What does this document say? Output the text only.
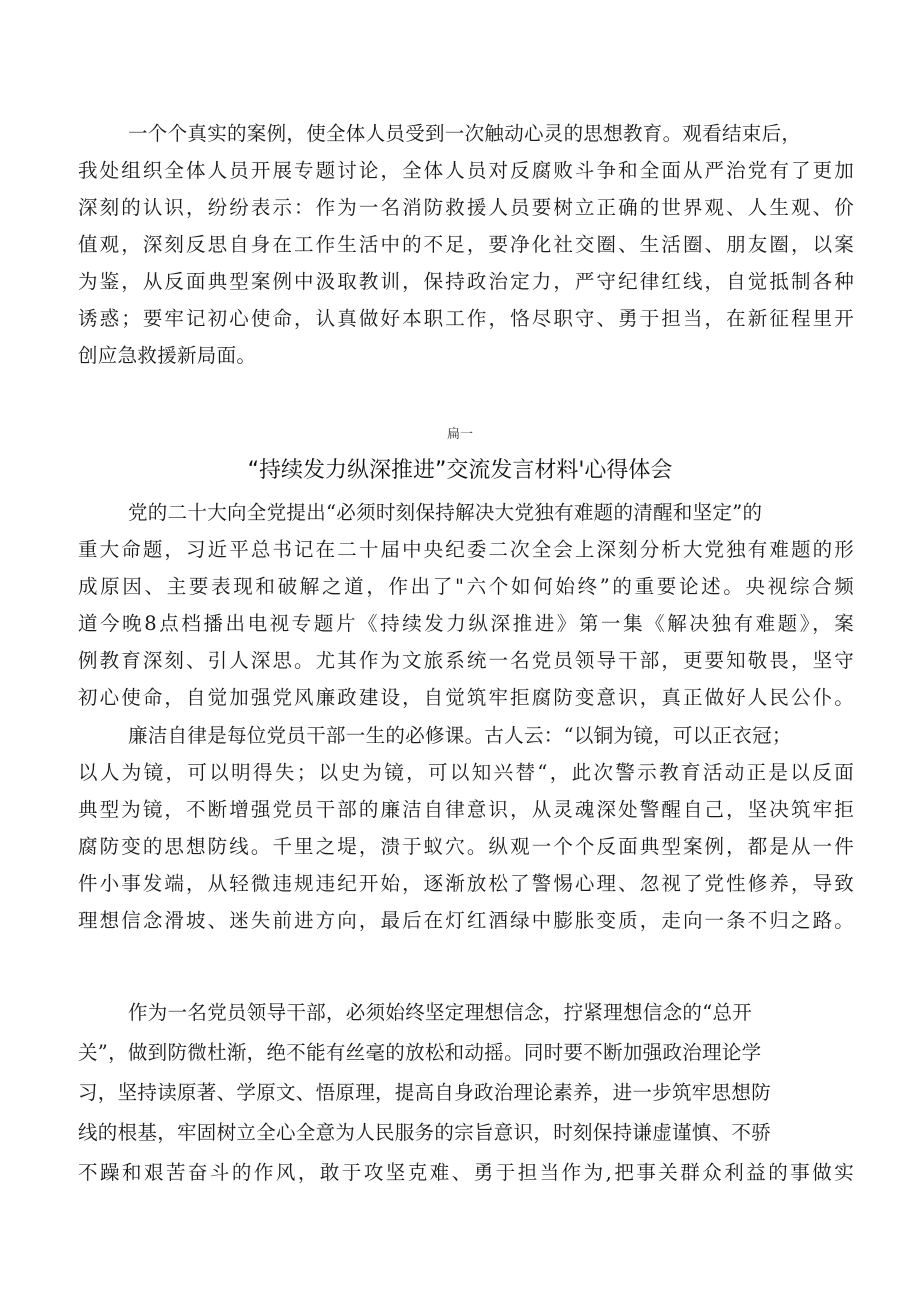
一个个真实的案例，使全体人员受到一次触动心灵的思想教育。观看结束后，
我处组织全体人员开展专题讨论，全体人员对反腐败斗争和全面从严治党有了更加
深刻的认识，纷纷表示：作为一名消防救援人员要树立正确的世界观、人生观、价
值观，深刻反思自身在工作生活中的不足，要净化社交圈、生活圈、朋友圈，以案
为鉴，从反面典型案例中汲取教训，保持政治定力，严守纪律红线，自觉抵制各种
诱惑；要牢记初心使命，认真做好本职工作，恪尽职守、勇于担当，在新征程里开
创应急救援新局面。
扁一
“持续发力纵深推进”交流发言材料'心得体会
党的二十大向全党提出“必须时刻保持解决大党独有难题的清醒和坚定”的
重大命题，习近平总书记在二十届中央纪委二次全会上深刻分析大党独有难题的形
成原因、主要表现和破解之道，作出了"六个如何始终”的重要论述。央视综合频
道今晚8点档播出电视专题片《持续发力纵深推进》第一集《解决独有难题》，案
例教育深刻、引人深思。尤其作为文旅系统一名党员领导干部，更要知敬畏，坚守
初心使命，自觉加强党风廉政建设，自觉筑牢拒腐防变意识，真正做好人民公仆。
廉洁自律是每位党员干部一生的必修课。古人云：“以铜为镜，可以正衣冠；
以人为镜，可以明得失；以史为镜，可以知兴替“，此次警示教育活动正是以反面
典型为镜，不断增强党员干部的廉洁自律意识，从灵魂深处警醒自己，坚决筑牢拒
腐防变的思想防线。千里之堤，溃于蚁穴。纵观一个个反面典型案例，都是从一件
件小事发端，从轻微违规违纪开始，逐渐放松了警惕心理、忽视了党性修养，导致
理想信念滑坡、迷失前进方向，最后在灯红酒绿中膨胀变质，走向一条不归之路。
作为一名党员领导干部，必须始终坚定理想信念，拧紧理想信念的“总开
关”，做到防微杜渐，绝不能有丝毫的放松和动摇。同时要不断加强政治理论学
习，坚持读原著、学原文、悟原理，提高自身政治理论素养，进一步筑牢思想防
线的根基，牢固树立全心全意为人民服务的宗旨意识，时刻保持谦虚谨慎、不骄
不躁和艰苦奋斗的作风，敢于攻坚克难、勇于担当作为,把事关群众利益的事做实
